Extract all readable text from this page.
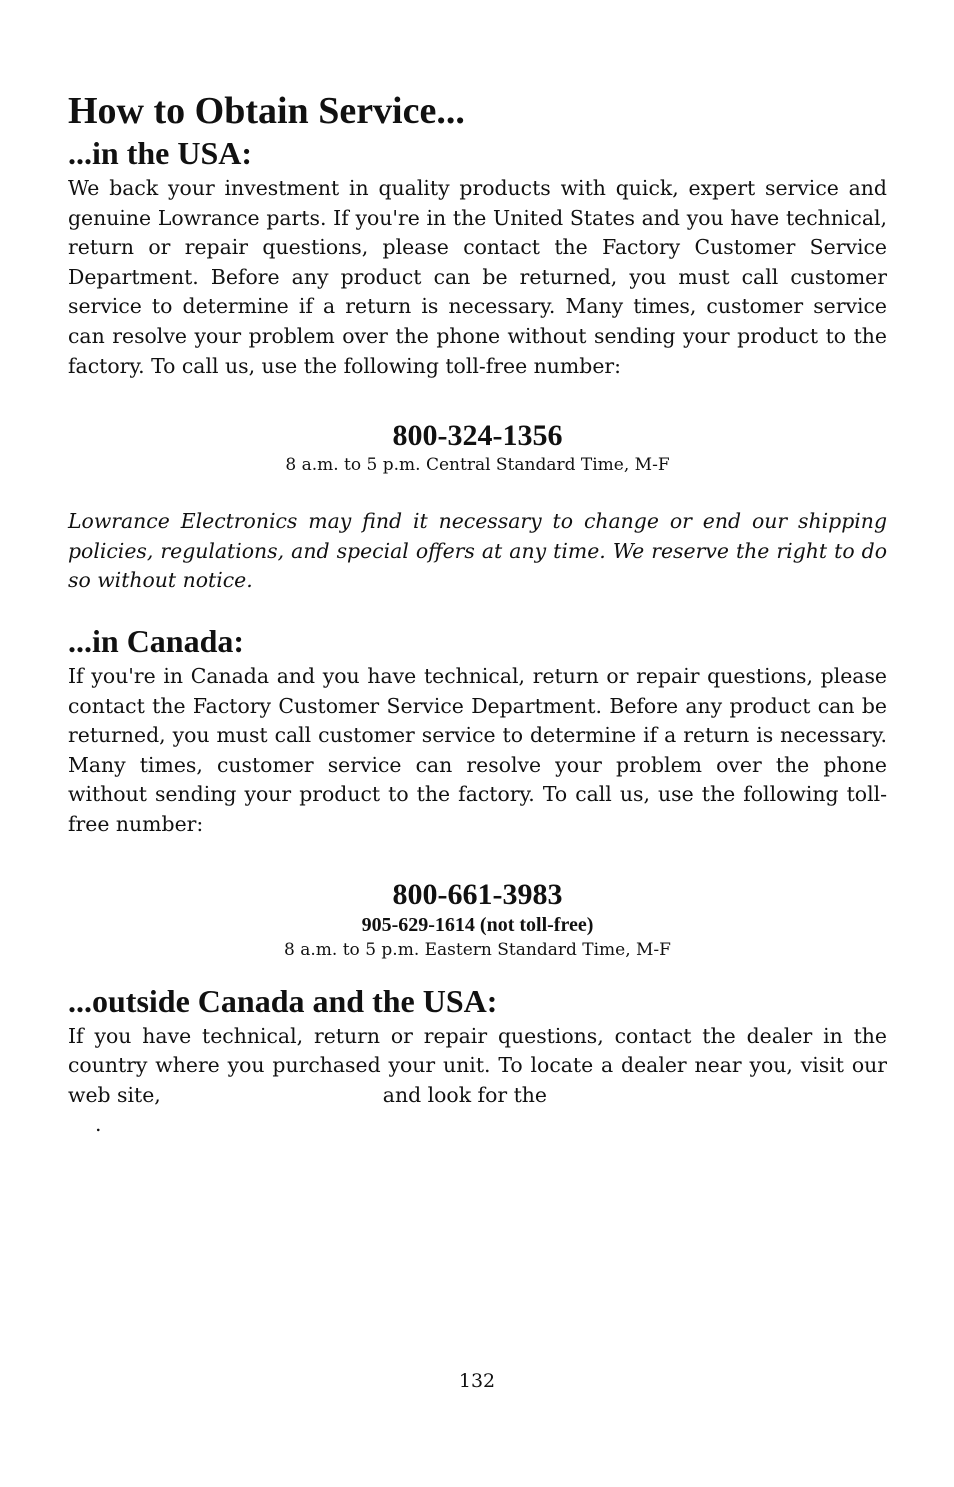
How to Obtain Service...
...in the USA:

We back your investment in quality products with quick, expert service and genuine Lowrance parts. If you're in the United States and you have technical, return or repair questions, please contact the Factory Customer Service Department. Before any product can be returned, you must call customer service to determine if a return is necessary. Many times, customer service can resolve your problem over the phone without sending your product to the factory. To call us, use the following toll-free number:

800-324-1356

8 a.m. to 5 p.m. Central Standard Time, M-F

Lowrance Electronics may find it necessary to change or end our shipping policies, regulations, and special offers at any time. We reserve the right to do so without notice.

...in Canada:

If you're in Canada and you have technical, return or repair questions, please contact the Factory Customer Service Department. Before any product can be returned, you must call customer service to determine if a return is necessary. Many times, customer service can resolve your problem over the phone without sending your product to the factory. To call us, use the following toll-free number:

800-661-3983

905-629-1614 (not toll-free)

8 a.m. to 5 p.m. Eastern Standard Time, M-F

...outside Canada and the USA:

If you have technical, return or repair questions, contact the dealer in the country where you purchased your unit. To locate a dealer near you, visit our web site,	and look for the
.

132
